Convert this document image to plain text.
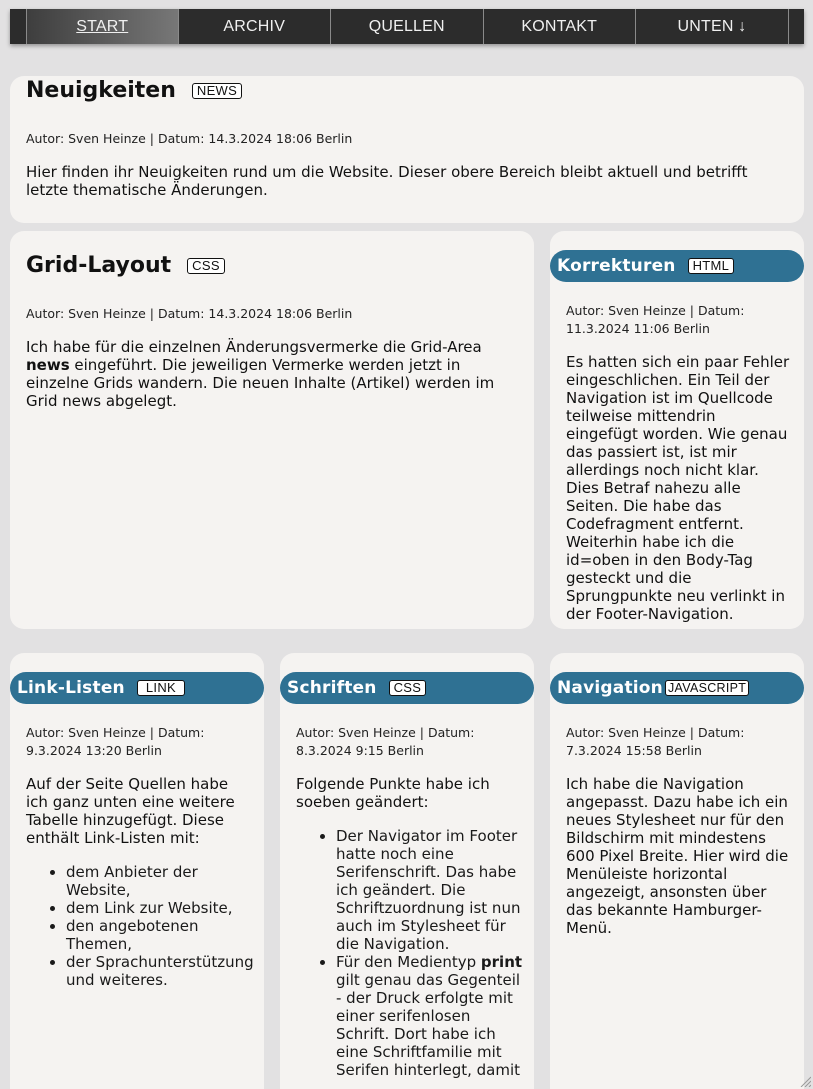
START	ARCHIV	QUELLEN	KONTAKT	UNTEN ↓
Neuigkeiten	NEWS

Autor: Sven Heinze | Datum: 14.3.2024 18:06 Berlin

Hier finden ihr Neuigkeiten rund um die Website. Dieser obere Bereich bleibt aktuell und betrifft letzte thematische Änderungen.

Grid-Layout	CSS

Autor: Sven Heinze | Datum: 14.3.2024 18:06 Berlin

Ich habe für die einzelnen Änderungsvermerke die Grid-Area news eingeführt. Die jeweiligen Vermerke werden jetzt in einzelne Grids wandern. Die neuen Inhalte (Artikel) werden im Grid news abgelegt.

Korrekturen	HTML

Autor: Sven Heinze | Datum: 11.3.2024 11:06 Berlin

Es hatten sich ein paar Fehler eingeschlichen. Ein Teil der Navigation ist im Quellcode teilweise mittendrin eingefügt worden. Wie genau das passiert ist, ist mir allerdings noch nicht klar. Dies Betraf nahezu alle Seiten. Die habe das Codefragment entfernt. Weiterhin habe ich die id=oben in den Body-Tag gesteckt und die Sprungpunkte neu verlinkt in der Footer-Navigation.

Link-Listen	LINK

Autor: Sven Heinze | Datum: 9.3.2024 13:20 Berlin

Auf der Seite Quellen habe ich ganz unten eine weitere Tabelle hinzugefügt. Diese enthält Link-Listen mit:

• dem Anbieter der Website,
• dem Link zur Website,
• den angebotenen Themen,
• der Sprachunterstützung und weiteres.
Schriften	CSS

Autor: Sven Heinze | Datum: 8.3.2024 9:15 Berlin

Folgende Punkte habe ich soeben geändert:

• Der Navigator im Footer hatte noch eine Serifenschrift. Das habe ich geändert. Die Schriftzuordnung ist nun auch im Stylesheet für die Navigation.
• Für den Medientyp print gilt genau das Gegenteil - der Druck erfolgte mit einer serifenlosen Schrift. Dort habe ich eine Schriftfamilie mit Serifen hinterlegt, damit
Navigation JAVASCRIPT

Autor: Sven Heinze | Datum: 7.3.2024 15:58 Berlin

Ich habe die Navigation angepasst. Dazu habe ich ein neues Stylesheet nur für den Bildschirm mit mindestens 600 Pixel Breite. Hier wird die Menüleiste horizontal angezeigt, ansonsten über das bekannte Hamburger-Menü.
